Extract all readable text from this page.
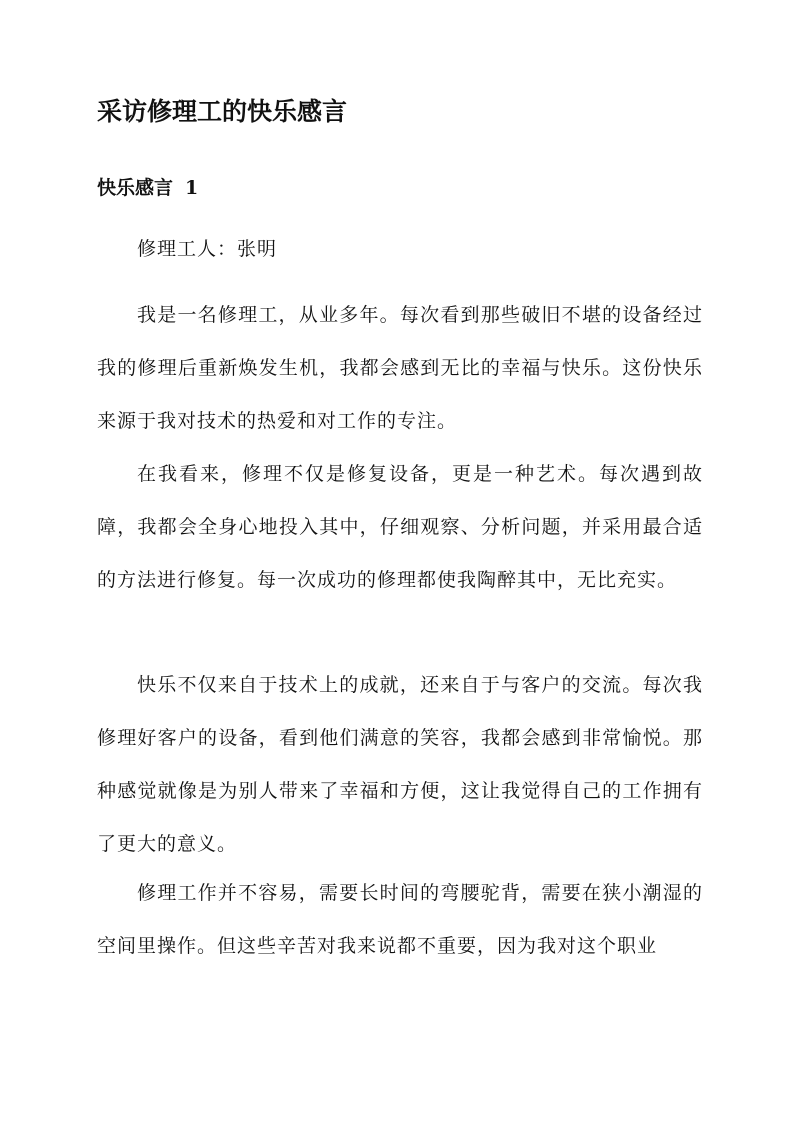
采访修理工的快乐感言
快乐感言 1

修理工人：张明

我是一名修理工，从业多年。每次看到那些破旧不堪的设备经过我的修理后重新焕发生机，我都会感到无比的幸福与快乐。这份快乐来源于我对技术的热爱和对工作的专注。

在我看来，修理不仅是修复设备，更是一种艺术。每次遇到故障，我都会全身心地投入其中，仔细观察、分析问题，并采用最合适的方法进行修复。每一次成功的修理都使我陶醉其中，无比充实。

快乐不仅来自于技术上的成就，还来自于与客户的交流。每次我修理好客户的设备，看到他们满意的笑容，我都会感到非常愉悦。那种感觉就像是为别人带来了幸福和方便，这让我觉得自己的工作拥有了更大的意义。

修理工作并不容易，需要长时间的弯腰驼背，需要在狭小潮湿的空间里操作。但这些辛苦对我来说都不重要，因为我对这个职业
